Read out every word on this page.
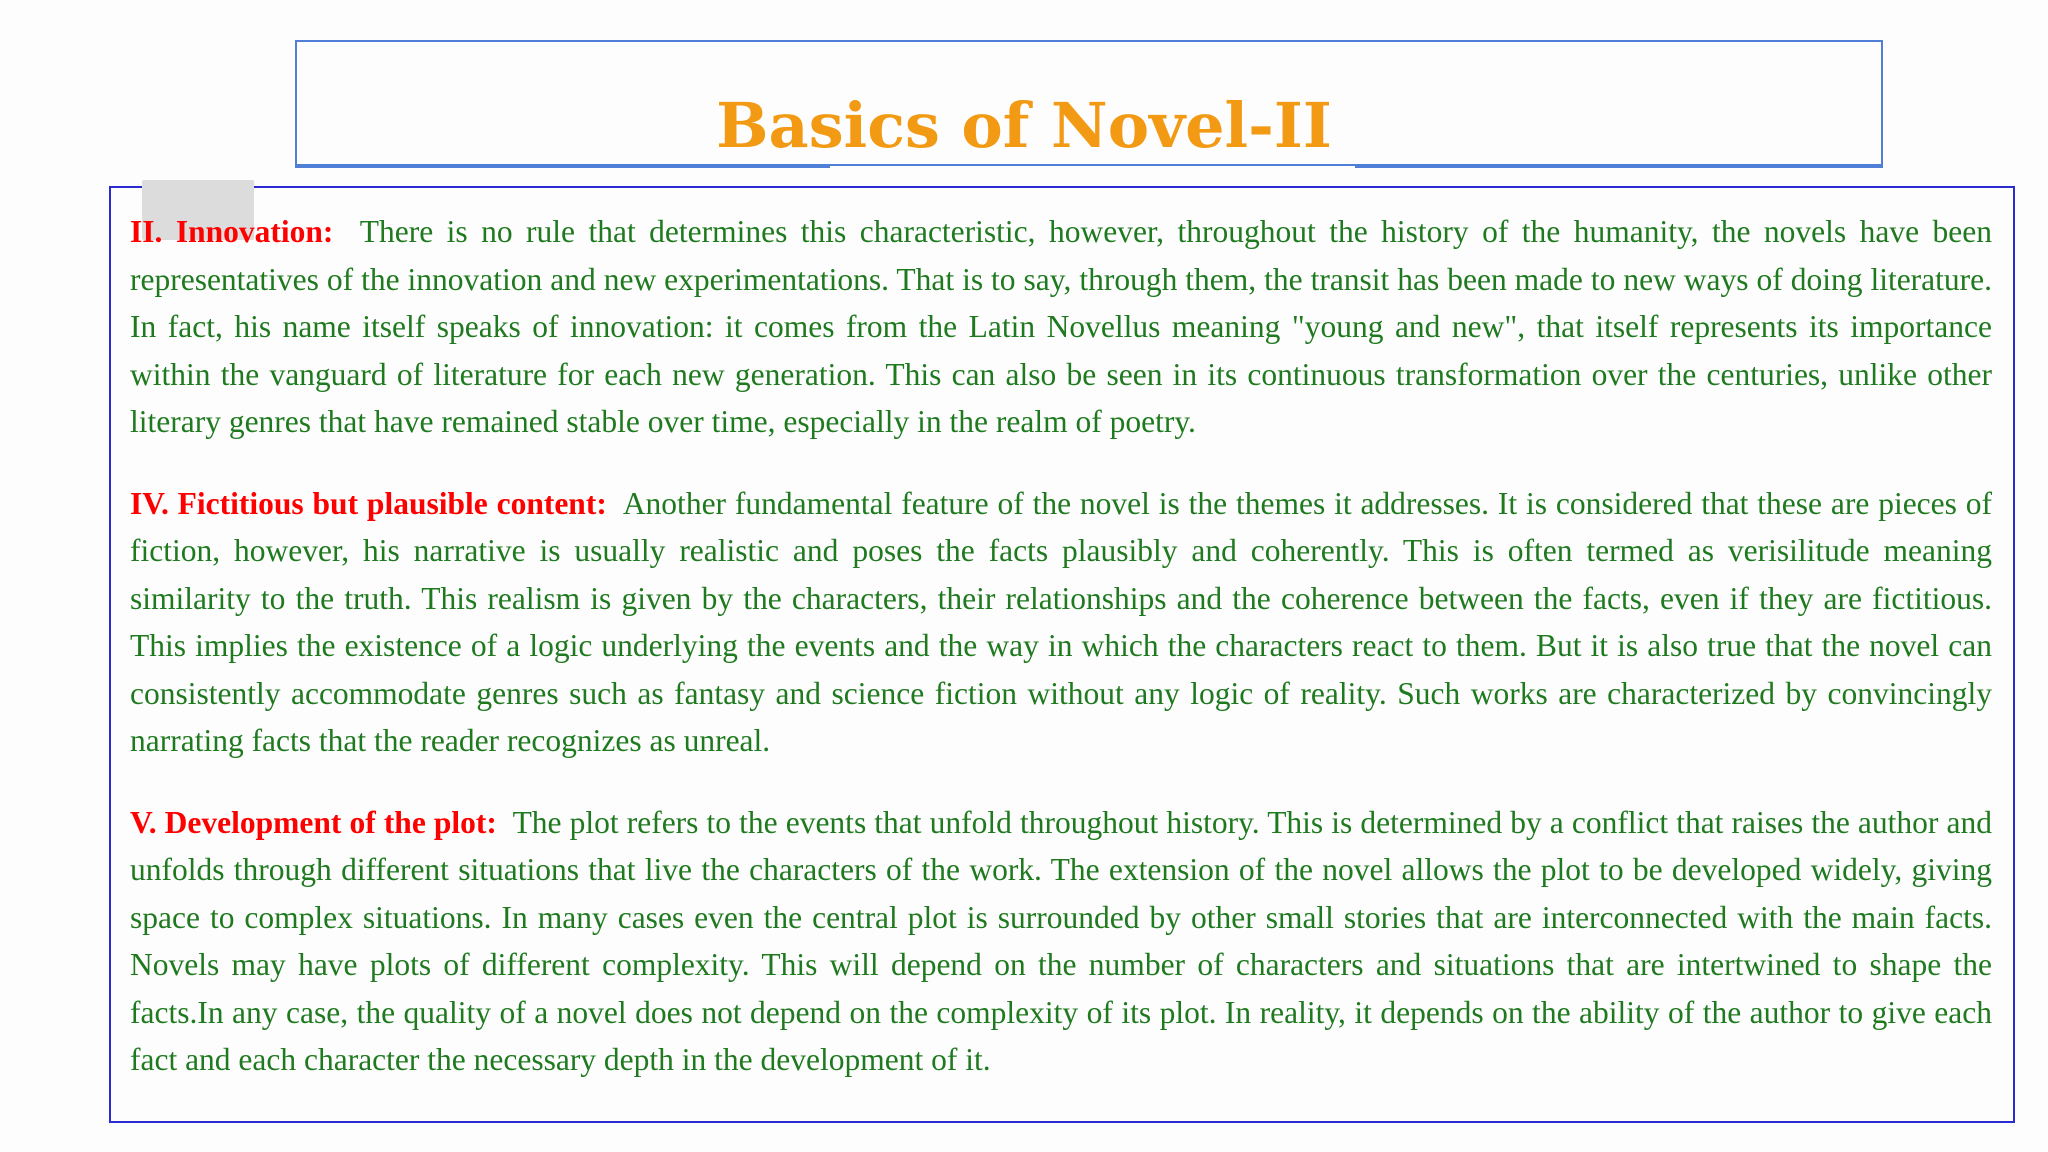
Basics of Novel-II

II. Innovation: There is no rule that determines this characteristic, however, throughout the history of the humanity, the novels have been representatives of the innovation and new experimentations. That is to say, through them, the transit has been made to new ways of doing literature. In fact, his name itself speaks of innovation: it comes from the Latin Novellus meaning "young and new", that itself represents its importance within the vanguard of literature for each new generation. This can also be seen in its continuous transformation over the centuries, unlike other literary genres that have remained stable over time, especially in the realm of poetry.

IV. Fictitious but plausible content: Another fundamental feature of the novel is the themes it addresses. It is considered that these are pieces of fiction, however, his narrative is usually realistic and poses the facts plausibly and coherently. This is often termed as verisilitude meaning similarity to the truth. This realism is given by the characters, their relationships and the coherence between the facts, even if they are fictitious. This implies the existence of a logic underlying the events and the way in which the characters react to them. But it is also true that the novel can consistently accommodate genres such as fantasy and science fiction without any logic of reality. Such works are characterized by convincingly narrating facts that the reader recognizes as unreal.

V. Development of the plot: The plot refers to the events that unfold throughout history. This is determined by a conflict that raises the author and unfolds through different situations that live the characters of the work. The extension of the novel allows the plot to be developed widely, giving space to complex situations. In many cases even the central plot is surrounded by other small stories that are interconnected with the main facts. Novels may have plots of different complexity. This will depend on the number of characters and situations that are intertwined to shape the facts.In any case, the quality of a novel does not depend on the complexity of its plot. In reality, it depends on the ability of the author to give each fact and each character the necessary depth in the development of it.
